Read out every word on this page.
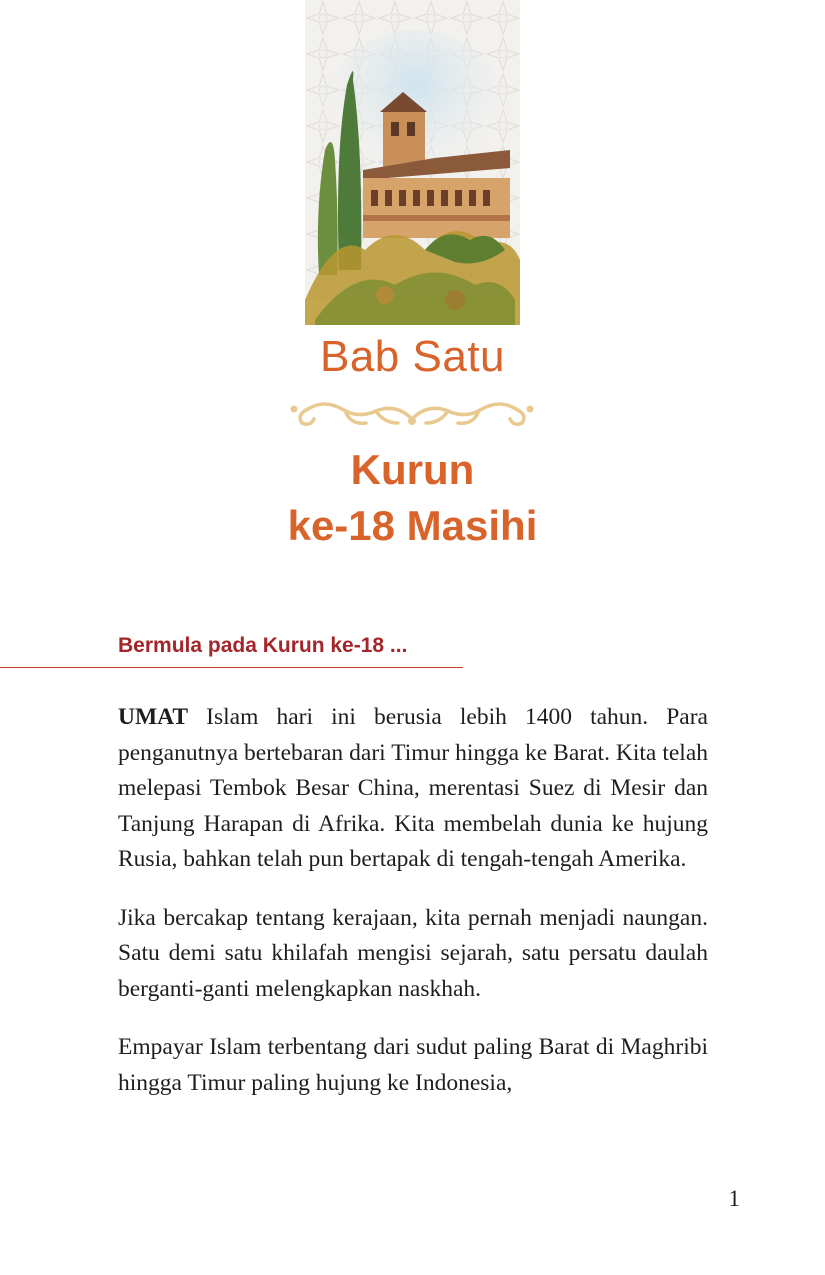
Bab Satu
Kurun
ke-18 Masihi
Bermula pada Kurun ke-18 ...

UMAT Islam hari ini berusia lebih 1400 tahun. Para penganutnya bertebaran dari Timur hingga ke Barat. Kita telah melepasi Tembok Besar China, merentasi Suez di Mesir dan Tanjung Harapan di Afrika. Kita membelah dunia ke hujung Rusia, bahkan telah pun bertapak di tengah-tengah Amerika.

Jika bercakap tentang kerajaan, kita pernah menjadi naungan. Satu demi satu khilafah mengisi sejarah, satu persatu daulah berganti-ganti melengkapkan naskhah.

Empayar Islam terbentang dari sudut paling Barat di Maghribi hingga Timur paling hujung ke Indonesia,

1
